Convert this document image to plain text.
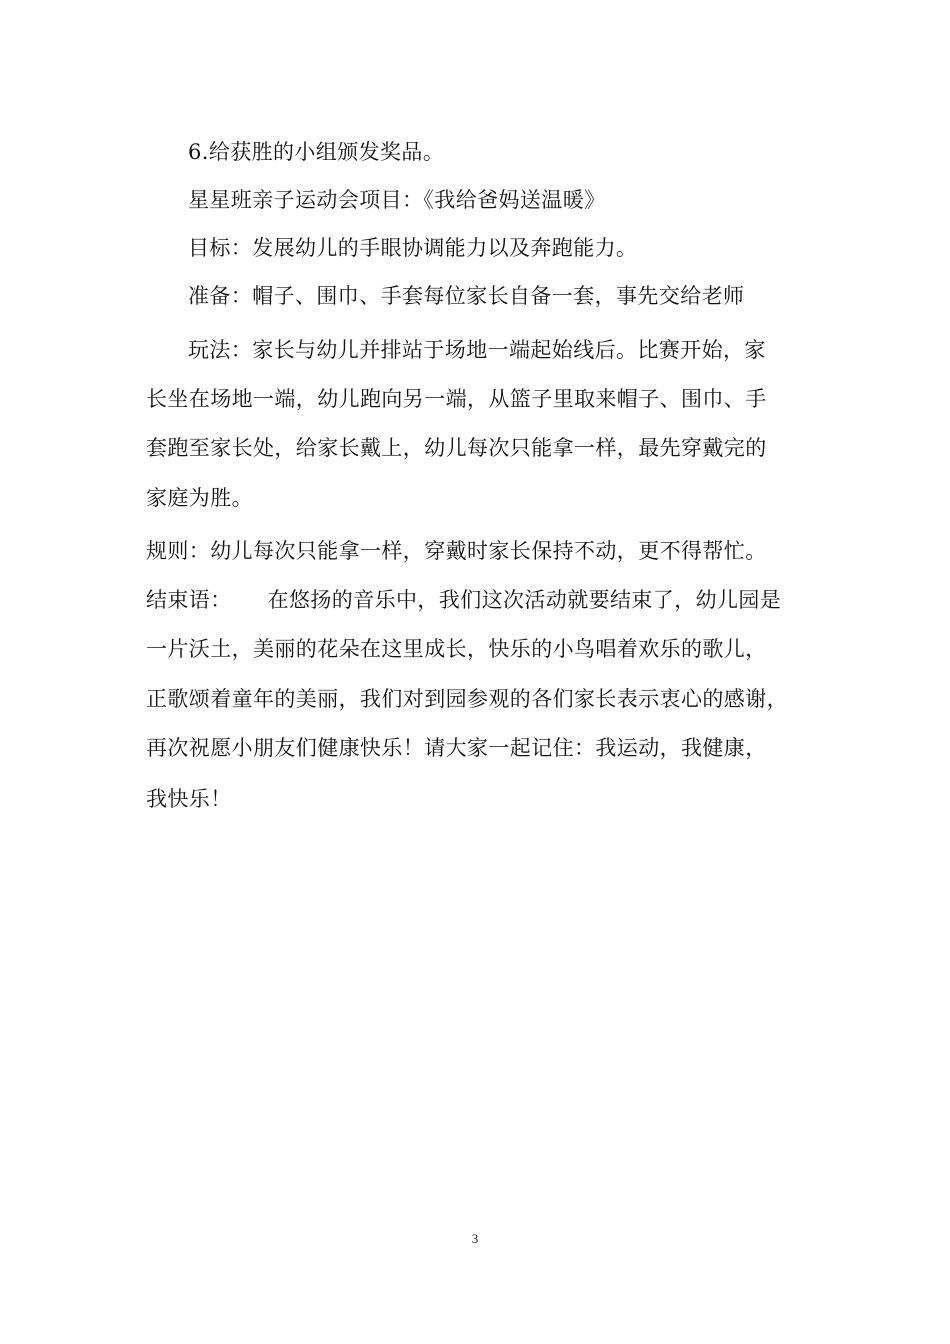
6.给获胜的小组颁发奖品。
星星班亲子运动会项目：《我给爸妈送温暖》
目标：发展幼儿的手眼协调能力以及奔跑能力。
准备：帽子、围巾、手套每位家长自备一套，事先交给老师
玩法：家长与幼儿并排站于场地一端起始线后。比赛开始，家
长坐在场地一端，幼儿跑向另一端，从篮子里取来帽子、围巾、手
套跑至家长处，给家长戴上，幼儿每次只能拿一样，最先穿戴完的
家庭为胜。
规则：幼儿每次只能拿一样，穿戴时家长保持不动，更不得帮忙。
结束语： 在悠扬的音乐中，我们这次活动就要结束了，幼儿园是
一片沃土，美丽的花朵在这里成长，快乐的小鸟唱着欢乐的歌儿，
正歌颂着童年的美丽，我们对到园参观的各们家长表示衷心的感谢，
再次祝愿小朋友们健康快乐！请大家一起记住：我运动，我健康，
我快乐！
3
